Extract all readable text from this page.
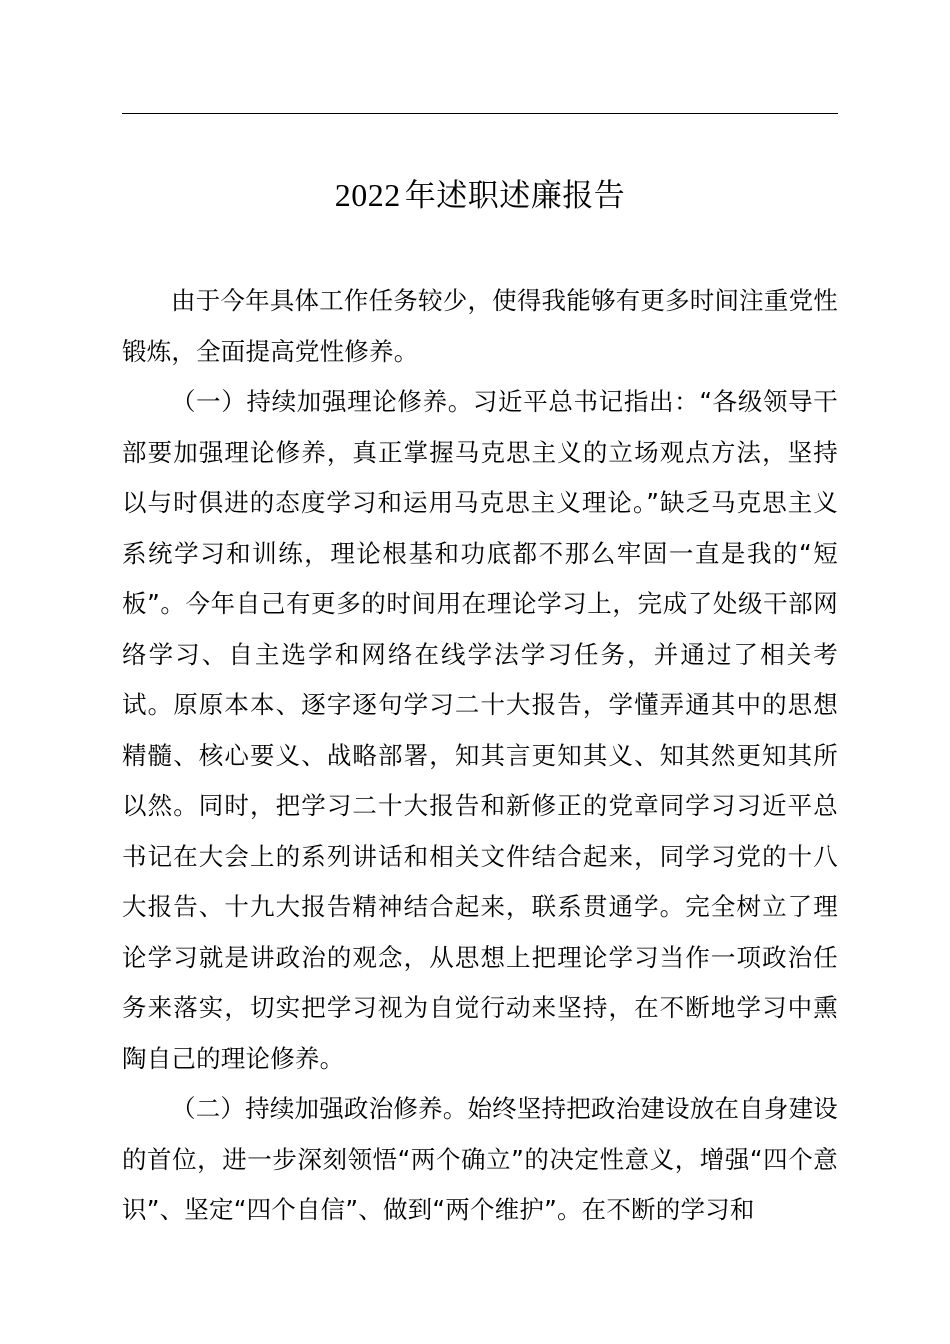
2022 年述职述廉报告

由于今年具体工作任务较少，使得我能够有更多时间注重党性锻炼，全面提高党性修养。

（一）持续加强理论修养。习近平总书记指出：“各级领导干部要加强理论修养，真正掌握马克思主义的立场观点方法，坚持以与时俱进的态度学习和运用马克思主义理论。”缺乏马克思主义系统学习和训练，理论根基和功底都不那么牢固一直是我的“短板”。今年自己有更多的时间用在理论学习上，完成了处级干部网络学习、自主选学和网络在线学法学习任务，并通过了相关考试。原原本本、逐字逐句学习二十大报告，学懂弄通其中的思想精髓、核心要义、战略部署，知其言更知其义、知其然更知其所以然。同时，把学习二十大报告和新修正的党章同学习习近平总书记在大会上的系列讲话和相关文件结合起来，同学习党的十八大报告、十九大报告精神结合起来，联系贯通学。完全树立了理论学习就是讲政治的观念，从思想上把理论学习当作一项政治任务来落实，切实把学习视为自觉行动来坚持，在不断地学习中熏陶自己的理论修养。

（二）持续加强政治修养。始终坚持把政治建设放在自身建设的首位，进一步深刻领悟“两个确立”的决定性意义，增强“四个意识”、坚定“四个自信”、做到“两个维护”。在不断的学习和
